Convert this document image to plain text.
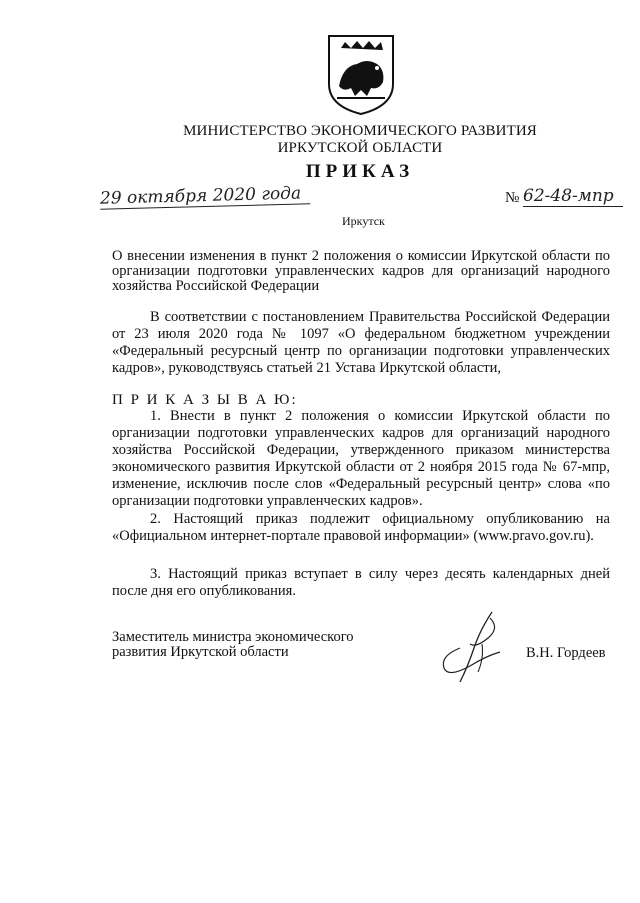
МИНИСТЕРСТВО ЭКОНОМИЧЕСКОГО РАЗВИТИЯ
ИРКУТСКОЙ ОБЛАСТИ
ПРИКАЗ
29 октября 2020 года	№ 62-48-мпр
Иркутск
О внесении изменения в пункт 2 положения о комиссии Иркутской области по организации подготовки управленческих кадров для организаций народного хозяйства Российской Федерации
В соответствии с постановлением Правительства Российской Федерации от 23 июля 2020 года № 1097 «О федеральном бюджетном учреждении «Федеральный ресурсный центр по организации подготовки управленческих кадров», руководствуясь статьей 21 Устава Иркутской области,
П Р И К А З Ы В А Ю:
1. Внести в пункт 2 положения о комиссии Иркутской области по организации подготовки управленческих кадров для организаций народного хозяйства Российской Федерации, утвержденного приказом министерства экономического развития Иркутской области от 2 ноября 2015 года № 67-мпр, изменение, исключив после слов «Федеральный ресурсный центр» слова «по организации подготовки управленческих кадров».
2. Настоящий приказ подлежит официальному опубликованию на «Официальном интернет-портале правовой информации» (www.pravo.gov.ru).
3. Настоящий приказ вступает в силу через десять календарных дней после дня его опубликования.
Заместитель министра экономического
развития Иркутской области	В.Н. Гордеев
